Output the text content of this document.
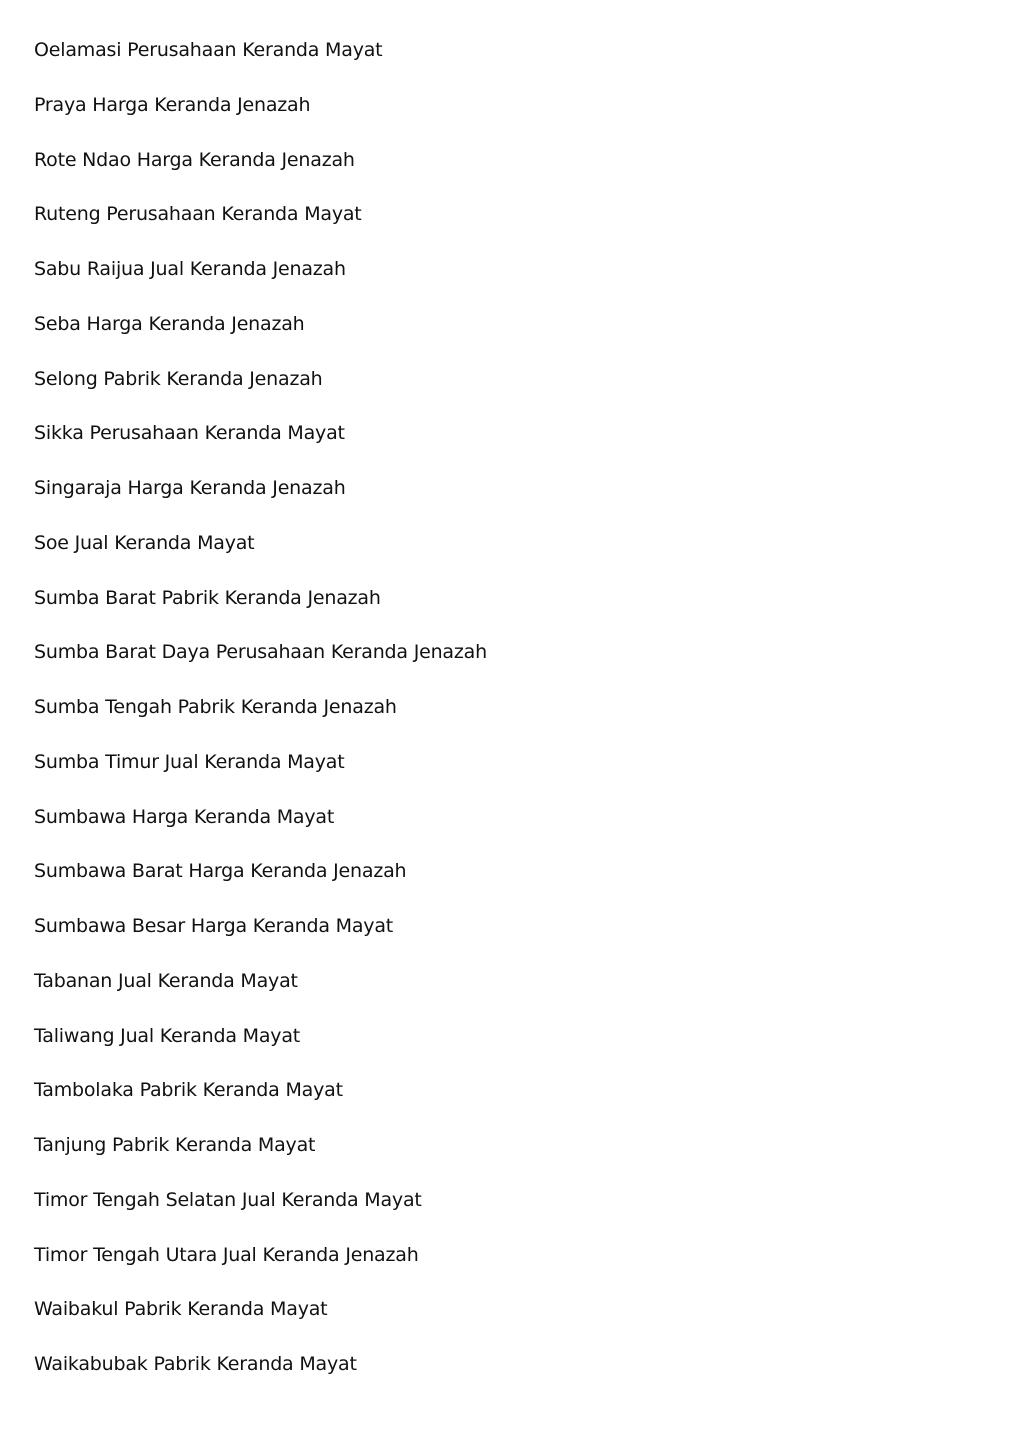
Oelamasi Perusahaan Keranda Mayat
Praya Harga Keranda Jenazah
Rote Ndao Harga Keranda Jenazah
Ruteng Perusahaan Keranda Mayat
Sabu Raijua Jual Keranda Jenazah
Seba Harga Keranda Jenazah
Selong Pabrik Keranda Jenazah
Sikka Perusahaan Keranda Mayat
Singaraja Harga Keranda Jenazah
Soe Jual Keranda Mayat
Sumba Barat Pabrik Keranda Jenazah
Sumba Barat Daya Perusahaan Keranda Jenazah
Sumba Tengah Pabrik Keranda Jenazah
Sumba Timur Jual Keranda Mayat
Sumbawa Harga Keranda Mayat
Sumbawa Barat Harga Keranda Jenazah
Sumbawa Besar Harga Keranda Mayat
Tabanan Jual Keranda Mayat
Taliwang Jual Keranda Mayat
Tambolaka Pabrik Keranda Mayat
Tanjung Pabrik Keranda Mayat
Timor Tengah Selatan Jual Keranda Mayat
Timor Tengah Utara Jual Keranda Jenazah
Waibakul Pabrik Keranda Mayat
Waikabubak Pabrik Keranda Mayat
